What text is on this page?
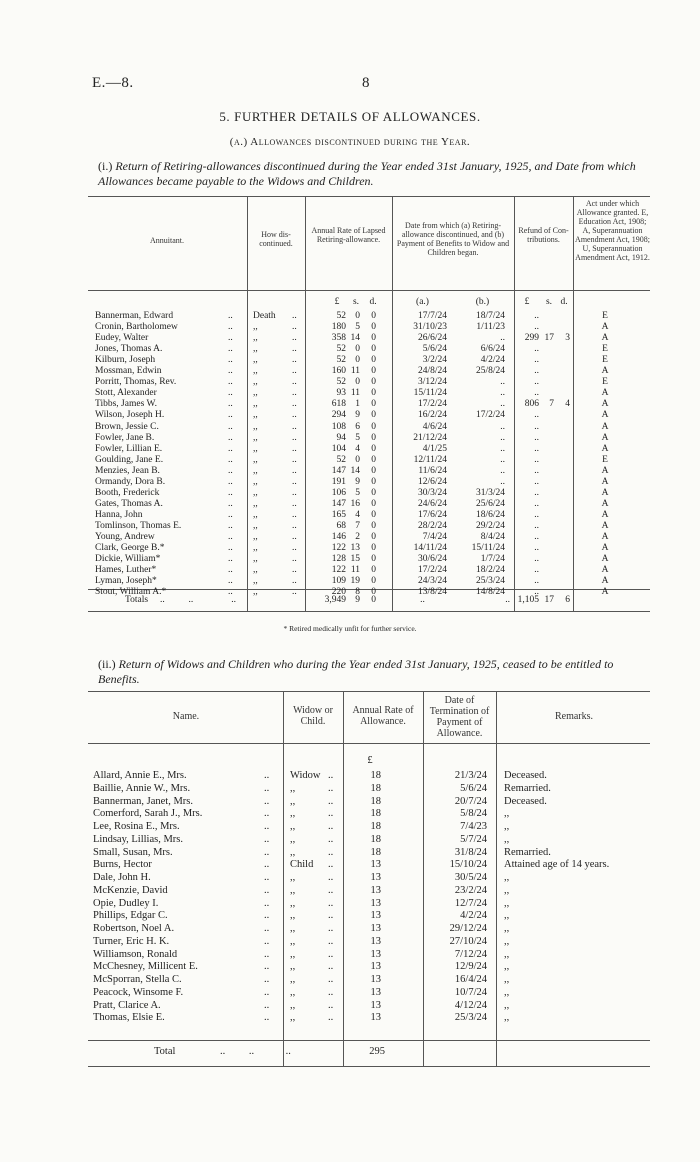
E.—8.	8
5. FURTHER DETAILS OF ALLOWANCES.
(a.) Allowances discontinued during the Year.
(i.) Return of Retiring-allowances discontinued during the Year ended 31st January, 1925, and Date from which Allowances became payable to the Widows and Children.
Annuitant.
How dis-continued.
Annual Rate of Lapsed Retiring-allowance.
Date from which (a) Retiring-allowance discontinued, and (b) Payment of Benefits to Widow and Children began.
Refund of Con-tributions.
Act under which Allowance granted. E, Education Act, 1908; A, Superannuation Amendment Act, 1908; U, Superannuation Amendment Act, 1912.
£	s.	d.	(a.)	(b.)	£	s. d.
Bannerman, Edward	.. Death ..	52 0	0	17/7/24	18/7/24	..	E
Cronin, Bartholomew	.. ,,	..	180 5	0	31/10/23	1/11/23	..	A
Eudey, Walter	.. ,,	..	358 14	0	26/6/24	..	299 17	3	A
Jones, Thomas A.	.. ,,	..	52 0	0	5/6/24	6/6/24	..	E
Kilburn, Joseph	.. ,,	..	52 0	0	3/2/24	4/2/24	..	E
Mossman, Edwin	.. ,,	..	160 11	0	24/8/24	25/8/24	..	A
Porritt, Thomas, Rev.	.. ,,	..	52 0	0	3/12/24	..	..	E
Stott, Alexander	.. ,,	..	93 11	0	15/11/24	..	..	A
Tibbs, James W.	.. ,,	..	618 1	0	17/2/24	..	806	7	4	A
Wilson, Joseph H.	.. ,,	..	294 9	0	16/2/24	17/2/24	..	A
Brown, Jessie C.	.. ,,	..	108 6	0	4/6/24	..	..	A
Fowler, Jane B.	.. ,,	..	94 5	0	21/12/24	..	..	A
Fowler, Lillian E.	.. ,,	..	104 4	0	4/1/25	..	..	A
Goulding, Jane E.	.. ,,	..	52 0	0	12/11/24	..	..	E
Menzies, Jean B.	.. ,,	..	147 14	0	11/6/24	..	..	A
Ormandy, Dora B.	.. ,,	..	191 9	0	12/6/24	..	..	A
Booth, Frederick	.. ,,	..	106 5	0	30/3/24	31/3/24	..	A
Gates, Thomas A.	.. ,,	..	147 16	0	24/6/24	25/6/24	..	A
Hanna, John	.. ,,	..	165 4	0	17/6/24	18/6/24	..	A
Tomlinson, Thomas E.	.. ,,	..	68 7	0	28/2/24	29/2/24	..	A
Young, Andrew	.. ,,	..	146 2	0	7/4/24	8/4/24	..	A
Clark, George B.*	.. ,,	..	122 13	0	14/11/24	15/11/24	..	A
Dickie, William*	.. ,,	..	128 15	0	30/6/24	1/7/24	..	A
Hames, Luther*	.. ,,	..	122 11	0	17/2/24	18/2/24	..	A
Lyman, Joseph*	.. ,,	..	109 19	0	24/3/24	25/3/24	..	A
Stout, William A.*	.. ,,	..	220 8	0	13/8/24	14/8/24	..	A
Totals ..          ..                ..	3,949 9	0	..	.. 1,105 17	6
* Retired medically unfit for further service.
(ii.) Return of Widows and Children who during the Year ended 31st January, 1925, ceased to be entitled to Benefits.
Name.
Widow or Child.
Annual Rate of Allowance.
Date of Termination of Payment of Allowance.
Remarks.
£
Allard, Annie E., Mrs.	.. Widow ..	18	21/3/24 Deceased.
Baillie, Annie W., Mrs.	.. ,,	..	18	5/6/24 Remarried.
Bannerman, Janet, Mrs.	.. ,,	..	18	20/7/24 Deceased.
Comerford, Sarah J., Mrs.	.. ,,	..	18	5/8/24 ,,
Lee, Rosina E., Mrs.	.. ,,	..	18	7/4/23 ,,
Lindsay, Lillias, Mrs.	.. ,,	..	18	5/7/24 ,,
Small, Susan, Mrs.	.. ,,	..	18	31/8/24 Remarried.
Burns, Hector	.. Child ..	13	15/10/24 Attained age of 14 years.
Dale, John H.	.. ,,	..	13	30/5/24 ,,
McKenzie, David	.. ,,	..	13	23/2/24 ,,
Opie, Dudley I.	.. ,,	..	13	12/7/24 ,,
Phillips, Edgar C.	.. ,,	..	13	4/2/24 ,,
Robertson, Noel A.	.. ,,	..	13	29/12/24 ,,
Turner, Eric H. K.	.. ,,	..	13	27/10/24 ,,
Williamson, Ronald	.. ,,	..	13	7/12/24 ,,
McChesney, Millicent E.	.. ,,	..	13	12/9/24 ,,
McSporran, Stella C.	.. ,,	..	13	16/4/24 ,,
Peacock, Winsome F.	.. ,,	..	13	10/7/24 ,,
Pratt, Clarice A.	.. ,,	..	13	4/12/24 ,,
Thomas, Elsie E.	.. ,,	..	13	25/3/24 ,,
Total	..         ..            ..	295
